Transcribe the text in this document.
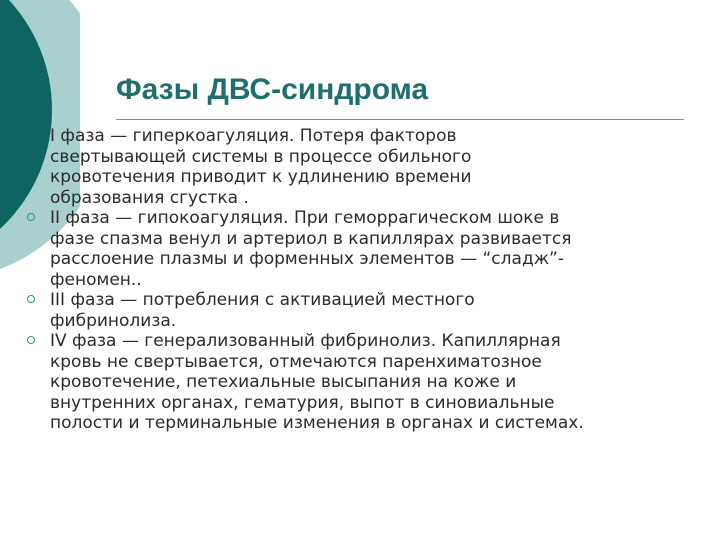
Фазы ДВС-синдрома
I фаза — гиперкоагуляция. Потеря факторов
свертывающей системы в процессе обильного
кровотечения приводит к удлинению времени
образования сгустка .
II фаза — гипокоагуляция. При геморрагическом шоке в
фазе спазма венул и артериол в капиллярах развивается
расслоение плазмы и форменных элементов — “сладж”-
феномен..
III фаза — потребления с активацией местного
фибринолиза.
IV фаза — генерализованный фибринолиз. Капиллярная
кровь не свертывается, отмечаются паренхиматозное
кровотечение, петехиальные высыпания на коже и
внутренних органах, гематурия, выпот в синовиальные
полости и терминальные изменения в органах и системах.
